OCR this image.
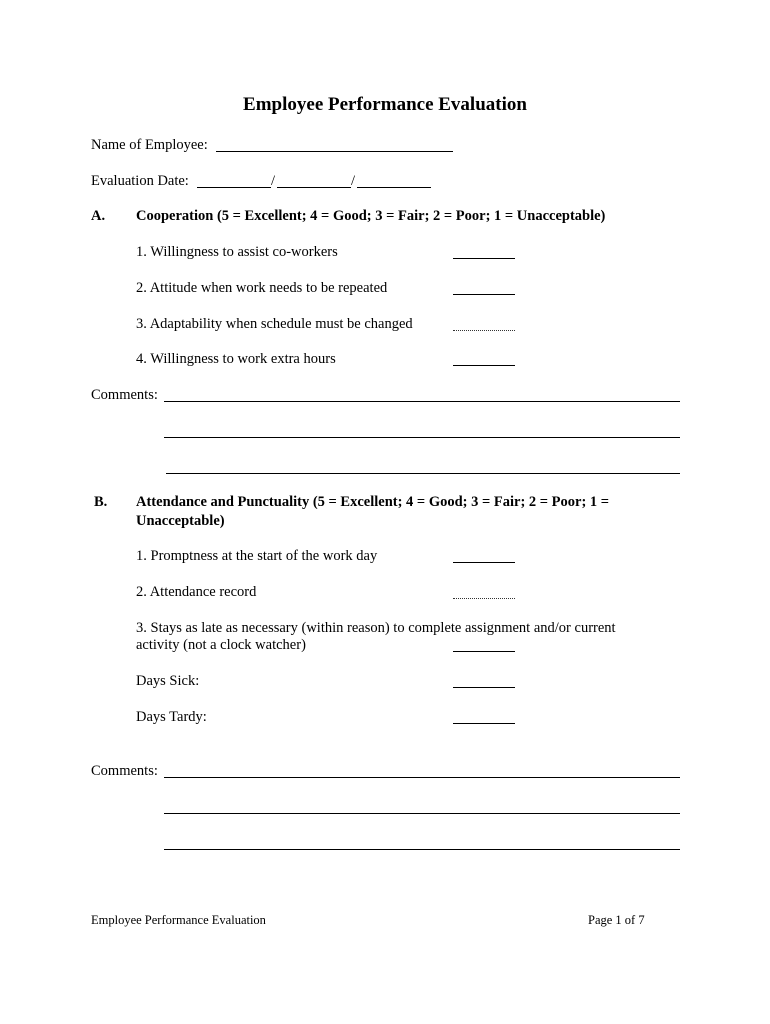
Employee Performance Evaluation
Name of Employee:
Evaluation Date:	/	/
A. Cooperation (5 = Excellent; 4 = Good; 3 = Fair; 2 = Poor; 1 = Unacceptable)
1. Willingness to assist co-workers
2. Attitude when work needs to be repeated
3. Adaptability when schedule must be changed
4. Willingness to work extra hours
Comments:
B. Attendance and Punctuality (5 = Excellent; 4 = Good; 3 = Fair; 2 = Poor; 1 =
Unacceptable)
1. Promptness at the start of the work day
2. Attendance record
3. Stays as late as necessary (within reason) to complete assignment and/or current
activity (not a clock watcher)
Days Sick:
Days Tardy:
Comments:
Employee Performance Evaluation	Page 1 of 7
